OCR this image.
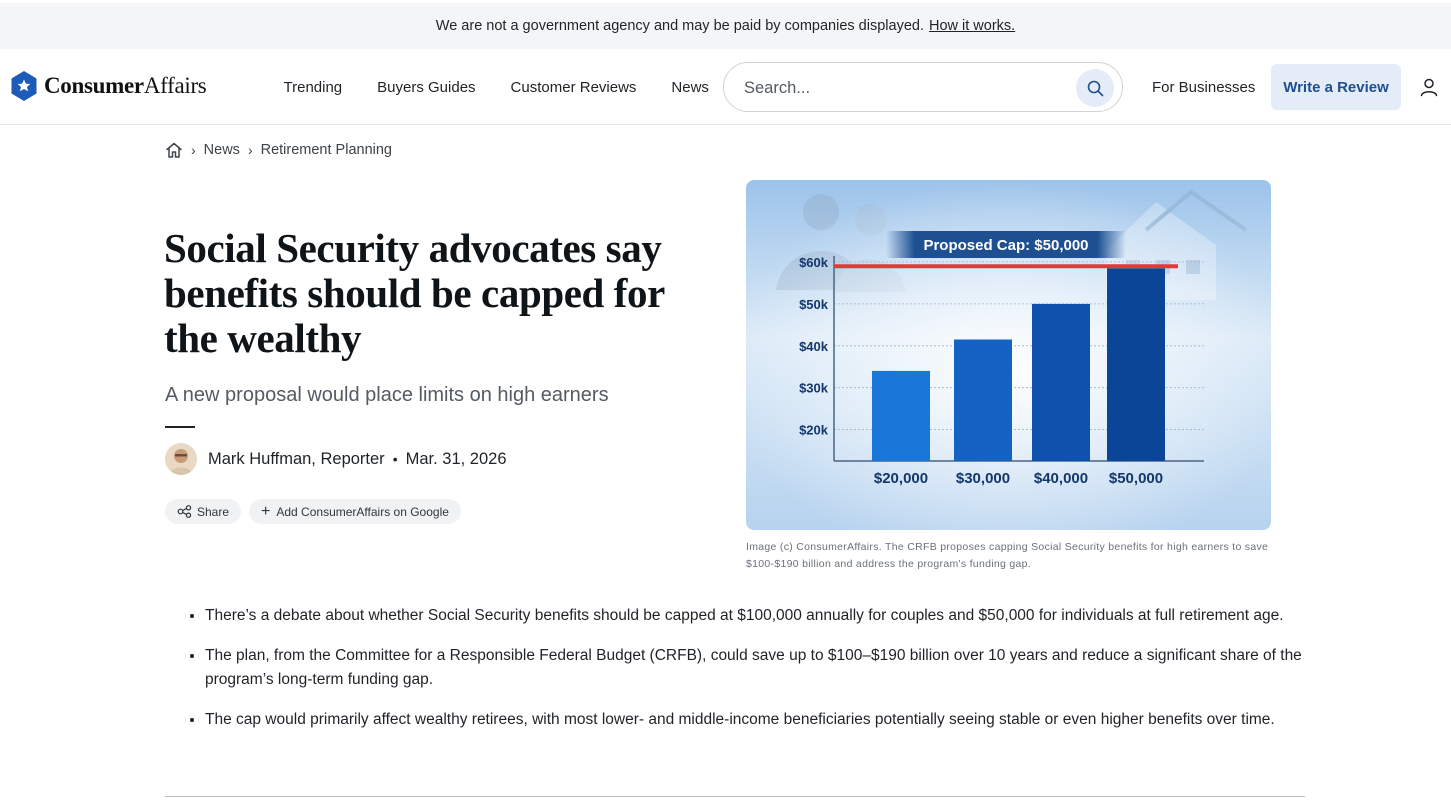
We are not a government agency and may be paid by companies displayed. How it works.
ConsumerAffairs	Trending	Buyers Guides	Customer Reviews	News
Search...	For Businesses	Write a Review
› News › Retirement Planning
Social Security advocates say benefits should be capped for the wealthy
A new proposal would place limits on high earners
Mark Huffman, Reporter • Mar. 31, 2026
Share + Add ConsumerAffairs on Google
$20k
$30k
$40k
$50k
$60k
$20,000 $30,000 $40,000 $50,000
Proposed Cap: $50,000
Image (c) ConsumerAffairs. The CRFB proposes capping Social Security benefits for high earners to save $100-$190 billion and address the program's funding gap.
• There’s a debate about whether Social Security benefits should be capped at $100,000 annually for couples and $50,000 for individuals at full retirement age.
• The plan, from the Committee for a Responsible Federal Budget (CRFB), could save up to $100–$190 billion over 10 years and reduce a significant share of the program’s long-term funding gap.
• The cap would primarily affect wealthy retirees, with most lower- and middle-income beneficiaries potentially seeing stable or even higher benefits over time.
